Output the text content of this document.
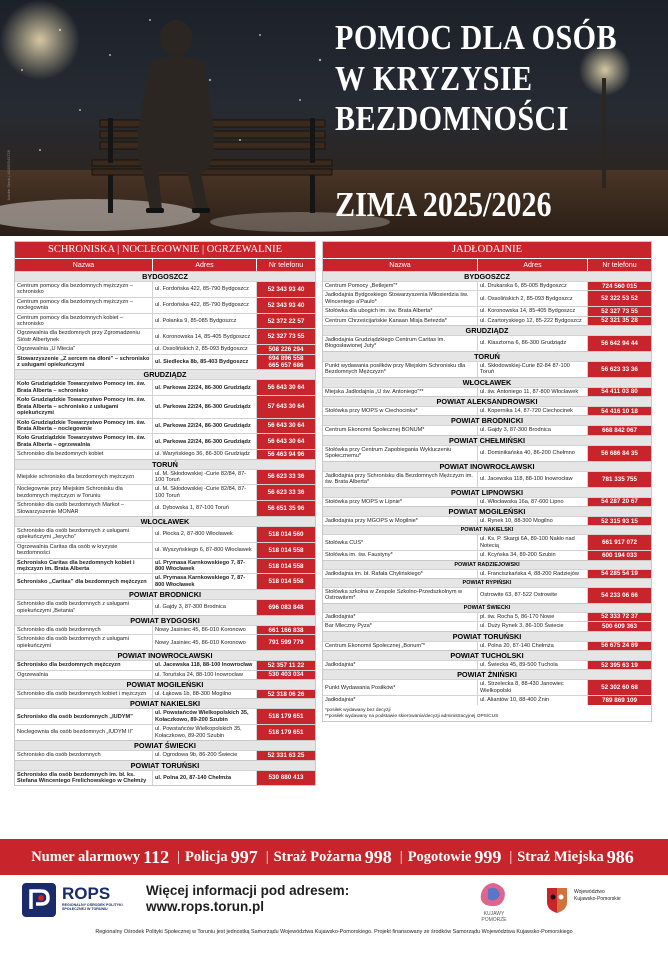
Adobe Stock | #1055543726
POMOC DLA OSÓB
W KRYZYSIE
BEZDOMNOŚCI
ZIMA 2025/2026
SCHRONISKA | NOCLEGOWNIE | OGRZEWALNIE
Nazwa	Adres	Nr telefonu
BYDGOSZCZ
Centrum pomocy dla bezdomnych mężczyzn – schronisko
ul. Fordońska 422, 85-790 Bydgoszcz	52 343 93 40
Centrum pomocy dla bezdomnych mężczyzn – noclegownia
ul. Fordońska 422, 85-790 Bydgoszcz	52 343 93 40
Centrum pomocy dla bezdomnych kobiet – schronisko
ul. Połanka 9, 85-085 Bydgoszcz	52 372 22 57
Ogrzewalnia dla bezdomnych przy Zgromadzeniu Sióstr Albertynek
ul. Koronowska 14, 85-405 Bydgoszcz	52 327 73 55
Ogrzewalnia „U Miecia”	ul. Ossolińskich 2, 85-093 Bydgoszcz	508 226 294
Stowarzyszenie „Z sercem na dłoni” – schronisko z usługami opiekuńczymi
ul. Siedlecka 8b, 85-403 Bydgoszcz	694 896 558
665 657 686
GRUDZIĄDZ
Koło Grudziądzkie Towarzystwo Pomocy im. św. Brata Alberta – schronisko
ul. Parkowa 22/24, 86-300 Grudziądz	56 643 30 64
Koło Grudziądzkie Towarzystwo Pomocy im. św. Brata Alberta – schronisko z usługami opiekuńczymi
ul. Parkowa 22/24, 86-300 Grudziądz	57 643 30 64
Koło Grudziądzkie Towarzystwo Pomocy im. św. Brata Alberta – noclegownie
ul. Parkowa 22/24, 86-300 Grudziądz	56 643 30 64
Koło Grudziądzkie Towarzystwo Pomocy im. św. Brata Alberta – ogrzewalnia
ul. Parkowa 22/24, 86-300 Grudziądz	56 643 30 64
Schronisko dla bezdomnych kobiet	ul. Waryńskiego 36, 86-300 Grudziądz	56 463 94 96
TORUŃ
Miejskie schronisko dla bezdomnych mężczyzn
ul. M. Skłodowskiej -Curie 82/84, 87-100 Toruń	56 623 33 36
Noclegownie przy Miejskim Schronisku dla bezdomnych mężczyzn w Toruniu
ul. M. Skłodowskiej -Curie 82/84, 87-100 Toruń	56 623 33 36
Schronisko dla osób bezdomnych Markot – Stowarzyszenie MONAR
ul. Dybowska 1, 87-100 Toruń	56 651 35 96
WŁOCŁAWEK
Schronisko dla osób bezdomnych z usługami opiekuńczymi „Jerycho”
ul. Płocka 2, 87-800 Włocławek	518 014 560
Ogrzewalnia Caritas dla osób w kryzysie bezdomności
ul. Wyszyńskiego 6, 87-800 Włocławek	518 014 558
Schronisko Caritas dla bezdomnych kobiet i mężczyzn im. Brata Alberta
ul. Prymasa Karnkowskiego 7, 87-800 Włocławek	518 014 558
Schronisko „Caritas” dla bezdomnych mężczyzn
ul. Prymasa Karnkowskiego 7, 87-800 Włocławek	518 014 558
POWIAT BRODNICKI
Schronisko dla osób bezdomnych z usługami opiekuńczymi „Betania”
ul. Gajdy 3, 87-300 Brodnica	696 083 848
POWIAT BYDGOSKI
Schronisko dla osób bezdomnych	Nowy Jasiniec 45, 86-010 Koronowo	661 166 838
Schronisko dla osób bezdomnych z usługami opiekuńczymi
Nowy Jasiniec 45, 86-010 Koronowo	791 599 779
POWIAT INOWROCŁAWSKI
Schronisko dla bezdomnych mężczyzn	ul. Jacewska 118, 88-100 Inowrocław	52 357 11 22
Ogrzewalnia	ul. Toruńska 24, 88-100 Inowrocław	530 403 034
POWIAT MOGILEŃSKI
Schronisko dla osób bezdomnych kobiet i mężczyzn	ul. Łąkowa 1b, 88-300 Mogilno	52 318 06 26
POWIAT NAKIELSKI
Schronisko dla osób bezdomnych „IUDYM”
ul. Powstańców Wielkopolskich 35, Kołaczkowo, 89-200 Szubin	518 179 651
Noclegownia dla osób bezdomnych „IUDYM II”
ul. Powstańców Wielkopolskich 35, Kołaczkowo, 89-200 Szubin	518 179 651
POWIAT ŚWIECKI
Schronisko dla osób bezdomnych	ul. Ogrodowa 9b, 86-200 Świecie	52 331 63 25
POWIAT TORUŃSKI
Schronisko dla osób bezdomnych im. bł. ks. Stefana Wincentego Frelichowskiego w Chełmży
ul. Polna 20, 87-140 Chełmża	530 880 413
JADŁODAJNIE
Nazwa	Adres	Nr telefonu
BYDGOSZCZ
Centrum Pomocy „Betlejem”*	ul. Drukarska 6, 85-005 Bydgoszcz	724 560 015
Jadłodajnia Bydgoskiego Stowarzyszenia Miłosierdzia św. Wincentego a'Paulo*
ul. Ossolińskich 2, 85-093 Bydgoszcz	52 322 53 52
Stołówka dla ubogich im. św. Brata Alberta*	ul. Koronowska 14, 85-405 Bydgoszcz	52 327 73 55
Centrum Chrześcijańskie Kanaan Misja Betezda*	ul. Czartoryskiego 12, 85-222 Bydgoszcz	52 321 35 28
GRUDZIĄDZ
Jadłodajnia Grudziądzkiego Centrum Caritas im. Błogosławionej Juty*
ul. Klasztorna 6, 86-300 Grudziądz	56 642 94 44
TORUŃ
Punkt wydawania posiłków przy Miejskim Schronisku dla Bezdomnych Mężczyzn*
ul. Skłodowskiej-Curie 82-84 87-100 Toruń	56 623 33 36
WŁOCŁAWEK
Miejska Jadłodajnia „U św. Antoniego”**	ul. św. Antoniego 11, 87-800 Włocławek	54 411 03 80
POWIAT ALEKSANDROWSKI
Stołówka przy MOPS w Ciechocinku*	ul. Kopernika 14, 87-720 Ciechocinek	54 416 10 18
POWIAT BRODNICKI
Centrum Ekonomii Społecznej BONUM*	ul. Gajdy 3, 87-300 Brodnica	668 842 067
POWIAT CHEŁMIŃSKI
Stołówka przy Centrum Zapobiegania Wykluczeniu Społecznemu*
ul. Dominikańska 40, 86-200 Chełmno	56 686 84 35
POWIAT INOWROCŁAWSKI
Jadłodajnia przy Schronisku dla Bezdomnych Mężczyzn im. św. Brata Alberta*
ul. Jacewska 118, 88-100 Inowrocław	781 335 755
POWIAT LIPNOWSKI
Stołówka przy MOPS w Lipnie*	ul. Włocławska 16a, 87-600 Lipno	54 287 20 67
POWIAT MOGILEŃSKI
Jadłodajnia przy MGOPS w Mogilnie*	ul. Rynek 10, 88-300 Mogilno	52 315 93 15
POWIAT NAKIELSKI
Stołówka CUS*
ul. Ks. P. Skargi 6A, 89-100 Nakło nad Notecią	661 917 072
Stołówka im. św. Faustyny*	ul. Kcyńska 34, 89-200 Szubin	600 194 033
POWIAT RADZIEJOWSKI
Jadłodajnia im. bł. Rafała Chylińskiego*	ul. Franciszkańska 4, 88-200 Radziejów	54 285 54 19
POWIAT RYPIŃSKI
Stołówka szkolna w Zespole Szkolno-Przedszkolnym w Ostrowitem*
Ostrowite 63, 87-522 Ostrowite	54 233 06 66
POWIAT ŚWIECKI
Jadłodajnia*	pl. św. Rocha 5, 86-170 Nowe	52 333 72 37
Bar Mleczny Pyza*	ul. Duży Rynek 3, 86-100 Świecie	500 609 363
POWIAT TORUŃSKI
Centrum Ekonomii Społecznej „Bonum”*	ul. Polna 20, 87-140 Chełmża	56 675 24 69
POWIAT TUCHOLSKI
Jadłodajnia*	ul. Świecka 45, 89-500 Tuchola	52 395 63 19
POWIAT ŻNIŃSKI
Punkt Wydawania Posiłków*
ul. Strzelecka 8, 88-430 Janowiec Wielkopolski	52 302 60 68
Jadłodajnia*	ul. Aliantów 10, 88-400 Żnin	789 869 109
*posiłek wydawany bez decyzji
**posiłek wydawany na podstawie skierowania/decyzji administracyjnej OPS/CUS
Numer alarmowy 112 | Policja 997 | Straż Pożarna 998 | Pogotowie 999 | Straż Miejska 986
ROPS
REGIONALNY OŚRODEK POLITYKI SPOŁECZNEJ W TORUNIU
Więcej informacji pod adresem:
www.rops.torun.pl	KUJAWY
POMORZE
Województwo
Kujawsko-Pomorskie
Regionalny Ośrodek Polityki Społecznej w Toruniu jest jednostką Samorządu Województwa Kujawsko-Pomorskiego. Projekt finansowany ze środków Samorządu Województwa Kujawsko-Pomorskiego
